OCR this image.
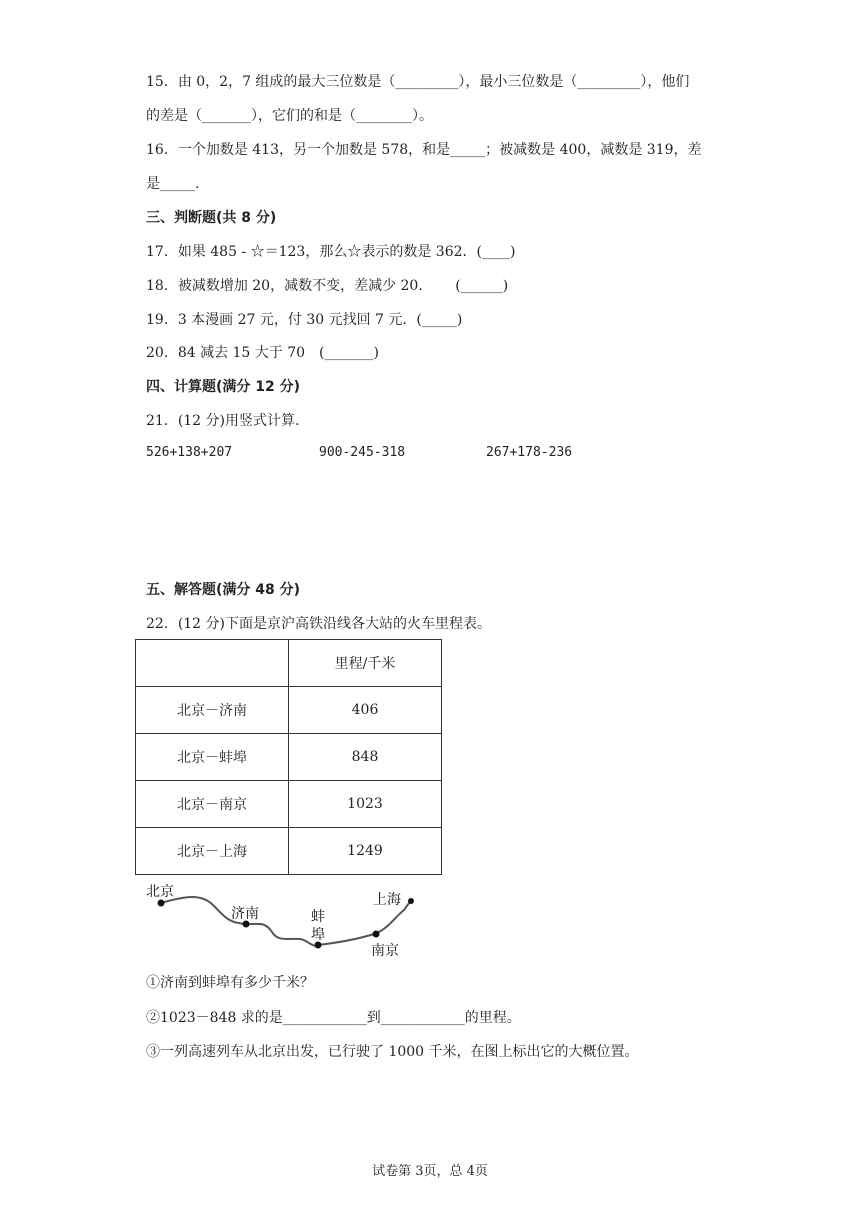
15．由 0，2，7 组成的最大三位数是（_________），最小三位数是（_________），他们
的差是（_______），它们的和是（________）。
16．一个加数是 413，另一个加数是 578，和是_____；被减数是 400，减数是 319，差
是_____.
三、判断题(共 8 分)
17．如果 485 - ☆＝123，那么☆表示的数是 362．(____)
18．被减数增加 20，减数不变，差减少 20.　　 (______)
19．3 本漫画 27 元，付 30 元找回 7 元．(_____)
20．84 减去 15 大于 70　(_______)
四、计算题(满分 12 分)
21．(12 分)用竖式计算.
526+138+207	900-245-318	267+178-236
五、解答题(满分 48 分)
22．(12 分)下面是京沪高铁沿线各大站的火车里程表。
	里程/千米
北京－济南	406
北京－蚌埠	848
北京－南京	1023
北京－上海	1249
北京
济南	蚌
埠
南京
上海
①济南到蚌埠有多少千米？
②1023－848 求的是____________到____________的里程。
③一列高速列车从北京出发，已行驶了 1000 千米，在图上标出它的大概位置。
试卷第 3页，总 4页
